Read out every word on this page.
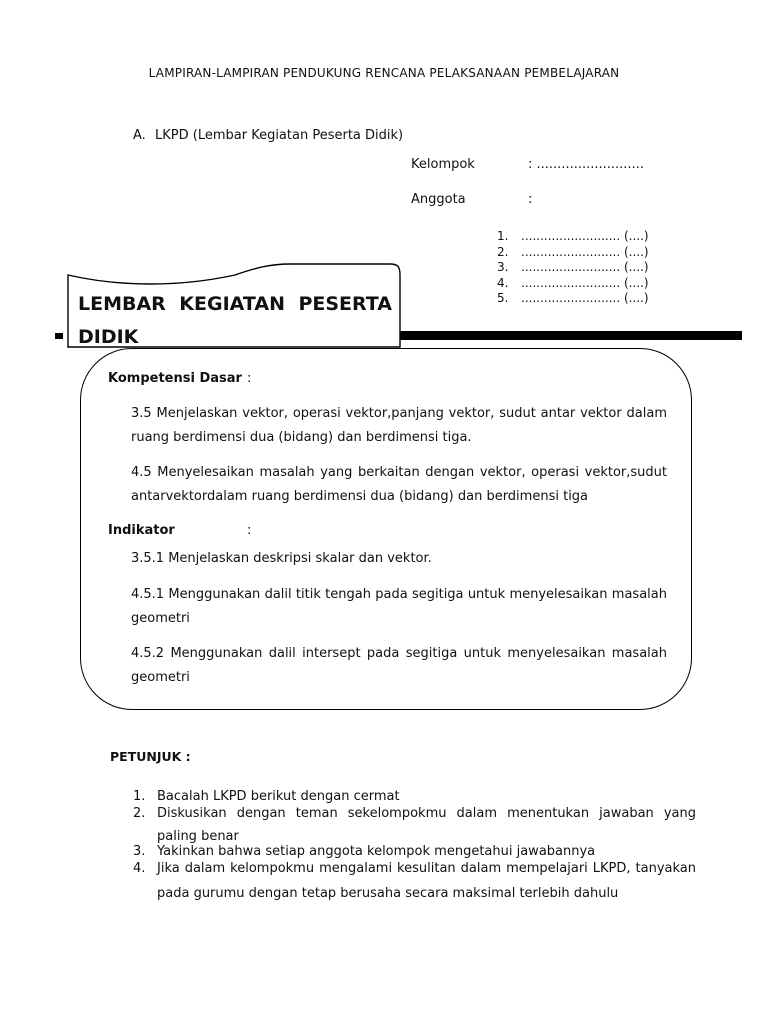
LAMPIRAN-LAMPIRAN PENDUKUNG RENCANA PELAKSANAAN PEMBELAJARAN
A. LKPD (Lembar Kegiatan Peserta Didik)
Kelompok	: ..........................
Anggota	:
1. .......................... (....)
2. .......................... (....)
3. .......................... (....)
4. .......................... (....)
5. .......................... (....)
LEMBAR KEGIATAN PESERTA
DIDIK
Kompetensi Dasar :
3.5 Menjelaskan vektor, operasi vektor,panjang vektor, sudut antar vektor dalam ruang berdimensi dua (bidang) dan berdimensi tiga.
4.5 Menyelesaikan masalah yang berkaitan dengan vektor, operasi vektor,sudut antarvektordalam ruang berdimensi dua (bidang) dan berdimensi tiga
Indikator	:
3.5.1 Menjelaskan deskripsi skalar dan vektor.
4.5.1 Menggunakan dalil titik tengah pada segitiga untuk menyelesaikan masalah geometri
4.5.2 Menggunakan dalil intersept pada segitiga untuk menyelesaikan masalah geometri
PETUNJUK :
1. Bacalah LKPD berikut dengan cermat
2. Diskusikan dengan teman sekelompokmu dalam menentukan jawaban yang paling benar
3. Yakinkan bahwa setiap anggota kelompok mengetahui jawabannya
4. Jika dalam kelompokmu mengalami kesulitan dalam mempelajari LKPD, tanyakan pada gurumu dengan tetap berusaha secara maksimal terlebih dahulu
